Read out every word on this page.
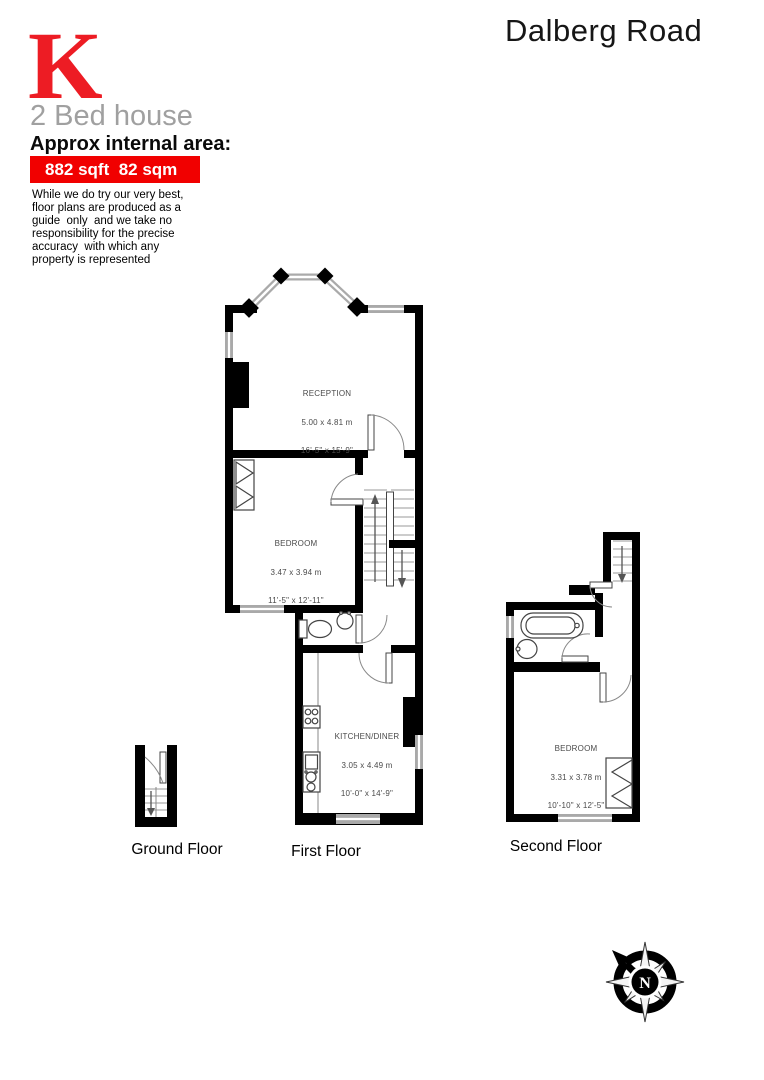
K	Dalberg Road
2 Bed house
Approx internal area:
882 sqft  82 sqm
While we do try our very best,
floor plans are produced as a
guide  only  and we take no
responsibility for the precise
accuracy  with which any
property is represented
N

RECEPTION

5.00 x 4.81 m

16'-5" x 15'-9"

BEDROOM

3.47 x 3.94 m

11'-5" x 12'-11"

KITCHEN/DINER

3.05 x 4.49 m

10'-0" x 14'-9"

BEDROOM

3.31 x 3.78 m

10'-10" x 12'-5"

Ground Floor	First Floor	Second Floor
